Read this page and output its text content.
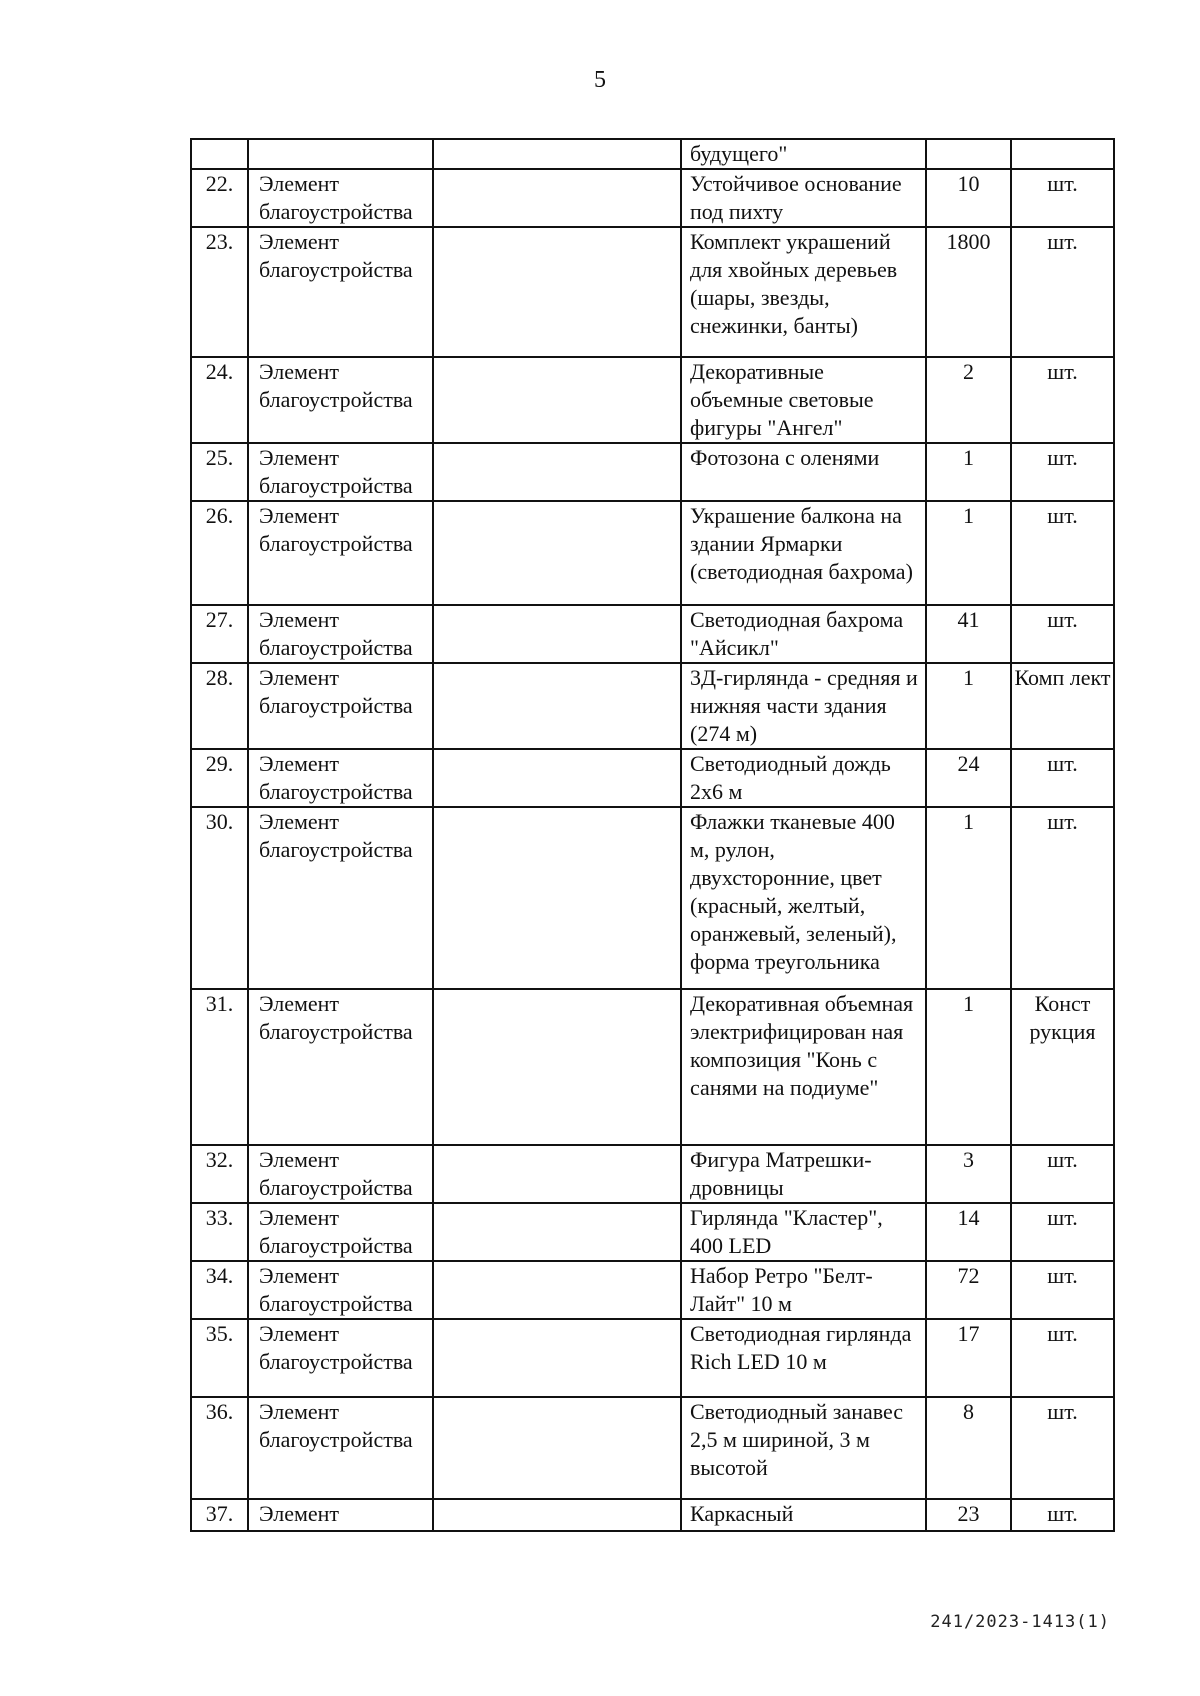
5
			будущего"		
22.	Элемент благоустройства		Устойчивое основание под пихту	10	шт.
23.	Элемент благоустройства		Комплект украшений для хвойных деревьев (шары, звезды, снежинки, банты)	1800	шт.
24.	Элемент благоустройства		Декоративные объемные световые фигуры "Ангел"	2	шт.
25.	Элемент благоустройства		Фотозона с оленями	1	шт.
26.	Элемент благоустройства		Украшение балкона на здании Ярмарки (светодиодная бахрома)	1	шт.
27.	Элемент благоустройства		Светодиодная бахрома "Айсикл"	41	шт.
28.	Элемент благоустройства		3Д-гирлянда - средняя и нижняя части здания (274 м)	1	Комп лект
29.	Элемент благоустройства		Светодиодный дождь 2х6 м	24	шт.
30.	Элемент благоустройства		Флажки тканевые 400 м, рулон, двухсторонние, цвет (красный, желтый, оранжевый, зеленый), форма треугольника	1	шт.
31.	Элемент благоустройства		Декоративная объемная электрифицирован ная композиция "Конь с санями на подиуме"	1	Конст рукция
32.	Элемент благоустройства		Фигура Матрешки-дровницы	3	шт.
33.	Элемент благоустройства		Гирлянда "Кластер", 400 LED	14	шт.
34.	Элемент благоустройства		Набор Ретро "Белт-Лайт" 10 м	72	шт.
35.	Элемент благоустройства		Светодиодная гирлянда Rich LED 10 м	17	шт.
36.	Элемент благоустройства		Светодиодный занавес 2,5 м шириной, 3 м высотой	8	шт.
37.	Элемент		Каркасный	23	шт.
241/2023-1413(1)
